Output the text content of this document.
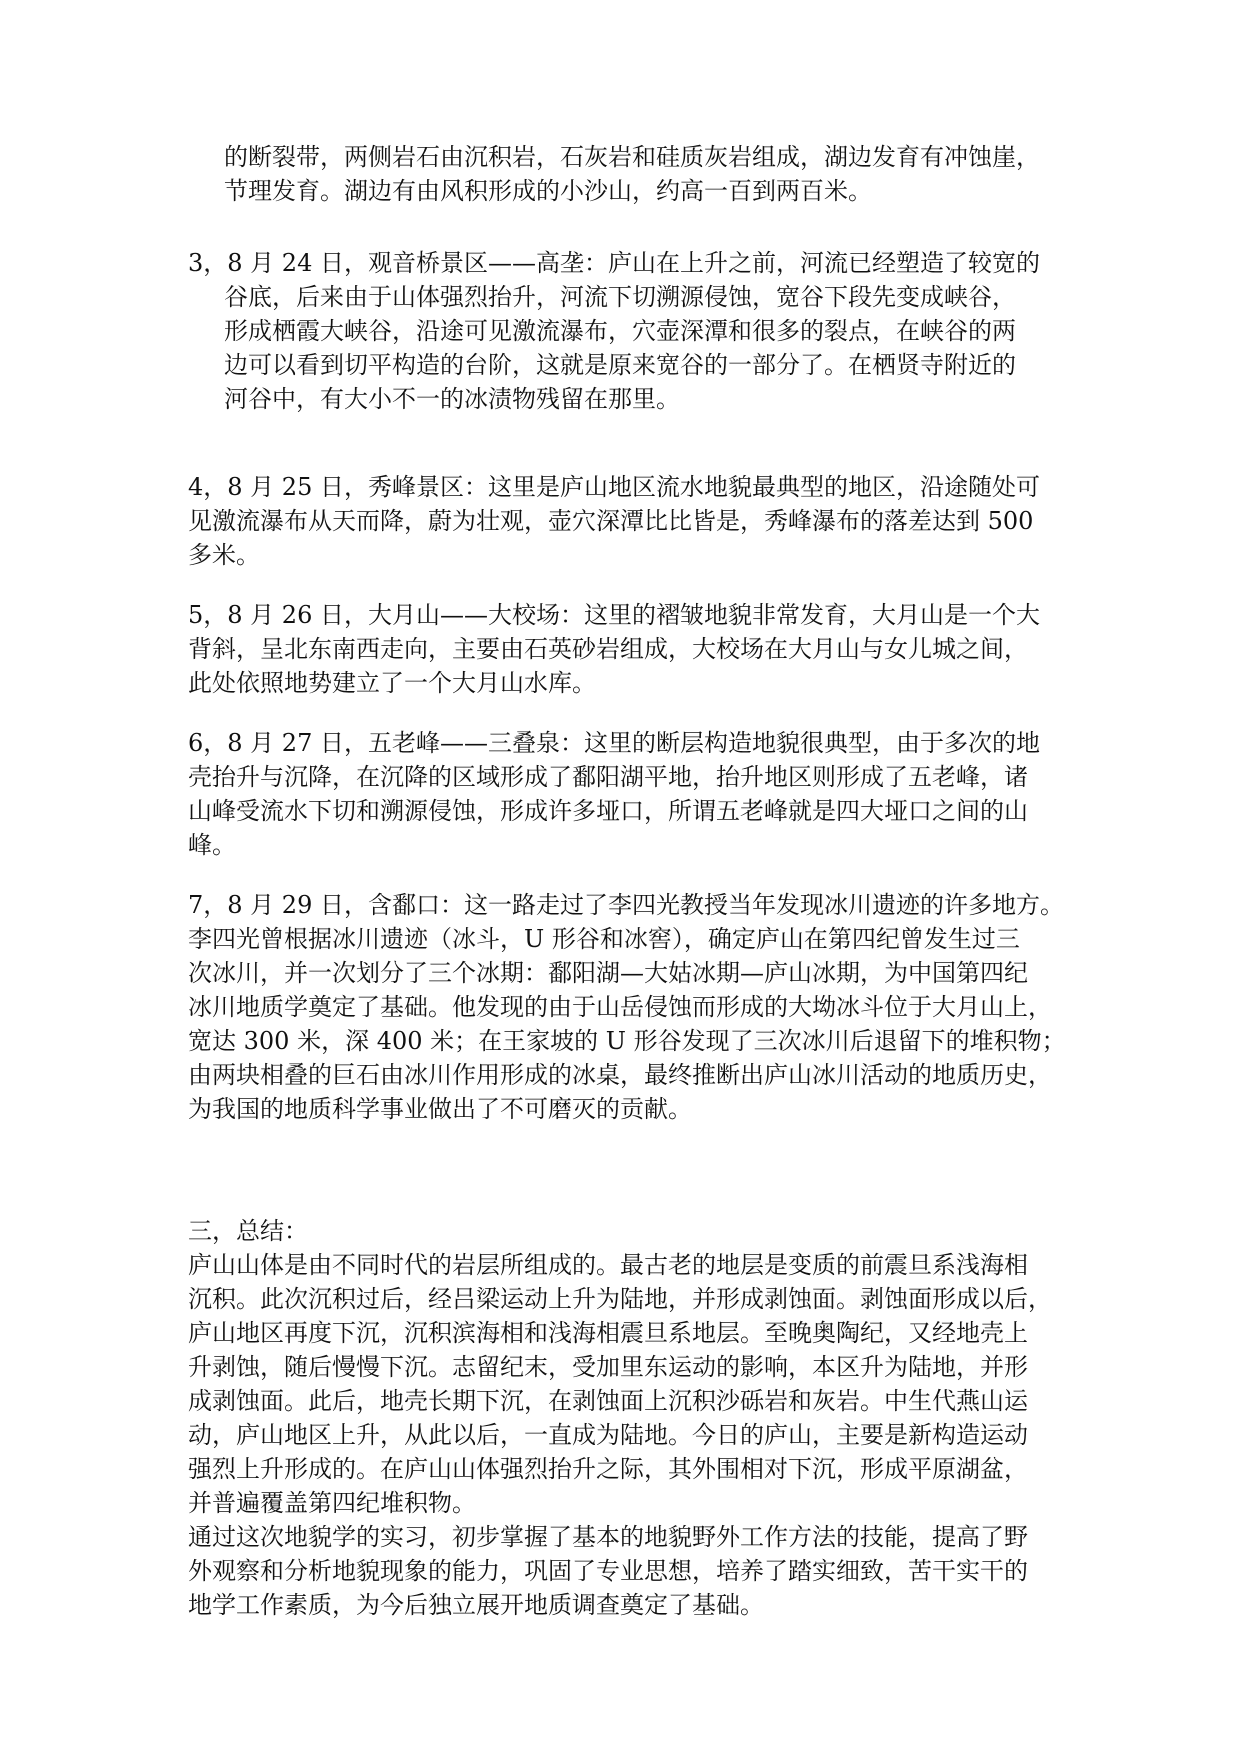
的断裂带，两侧岩石由沉积岩，石灰岩和硅质灰岩组成，湖边发育有冲蚀崖，
节理发育。湖边有由风积形成的小沙山，约高一百到两百米。
3，8 月 24 日，观音桥景区——高垄：庐山在上升之前，河流已经塑造了较宽的
谷底，后来由于山体强烈抬升，河流下切溯源侵蚀，宽谷下段先变成峡谷，
形成栖霞大峡谷，沿途可见激流瀑布，穴壶深潭和很多的裂点，在峡谷的两
边可以看到切平构造的台阶，这就是原来宽谷的一部分了。在栖贤寺附近的
河谷中，有大小不一的冰渍物残留在那里。
4，8 月 25 日，秀峰景区：这里是庐山地区流水地貌最典型的地区，沿途随处可
见激流瀑布从天而降，蔚为壮观，壶穴深潭比比皆是，秀峰瀑布的落差达到 500
多米。
5，8 月 26 日，大月山——大校场：这里的褶皱地貌非常发育，大月山是一个大
背斜，呈北东南西走向，主要由石英砂岩组成，大校场在大月山与女儿城之间，
此处依照地势建立了一个大月山水库。
6，8 月 27 日，五老峰——三叠泉：这里的断层构造地貌很典型，由于多次的地
壳抬升与沉降，在沉降的区域形成了鄱阳湖平地，抬升地区则形成了五老峰，诸
山峰受流水下切和溯源侵蚀，形成许多垭口，所谓五老峰就是四大垭口之间的山
峰。
7，8 月 29 日，含鄱口：这一路走过了李四光教授当年发现冰川遗迹的许多地方。
李四光曾根据冰川遗迹（冰斗，U 形谷和冰窖），确定庐山在第四纪曾发生过三
次冰川，并一次划分了三个冰期：鄱阳湖—大姑冰期—庐山冰期，为中国第四纪
冰川地质学奠定了基础。他发现的由于山岳侵蚀而形成的大坳冰斗位于大月山上，
宽达 300 米，深 400 米；在王家坡的 U 形谷发现了三次冰川后退留下的堆积物；
由两块相叠的巨石由冰川作用形成的冰桌，最终推断出庐山冰川活动的地质历史，
为我国的地质科学事业做出了不可磨灭的贡献。
三，总结：
庐山山体是由不同时代的岩层所组成的。最古老的地层是变质的前震旦系浅海相
沉积。此次沉积过后，经吕梁运动上升为陆地，并形成剥蚀面。剥蚀面形成以后，
庐山地区再度下沉，沉积滨海相和浅海相震旦系地层。至晚奥陶纪，又经地壳上
升剥蚀，随后慢慢下沉。志留纪末，受加里东运动的影响，本区升为陆地，并形
成剥蚀面。此后，地壳长期下沉，在剥蚀面上沉积沙砾岩和灰岩。中生代燕山运
动，庐山地区上升，从此以后，一直成为陆地。今日的庐山，主要是新构造运动
强烈上升形成的。在庐山山体强烈抬升之际，其外围相对下沉，形成平原湖盆，
并普遍覆盖第四纪堆积物。
通过这次地貌学的实习，初步掌握了基本的地貌野外工作方法的技能，提高了野
外观察和分析地貌现象的能力，巩固了专业思想，培养了踏实细致，苦干实干的
地学工作素质，为今后独立展开地质调查奠定了基础。
